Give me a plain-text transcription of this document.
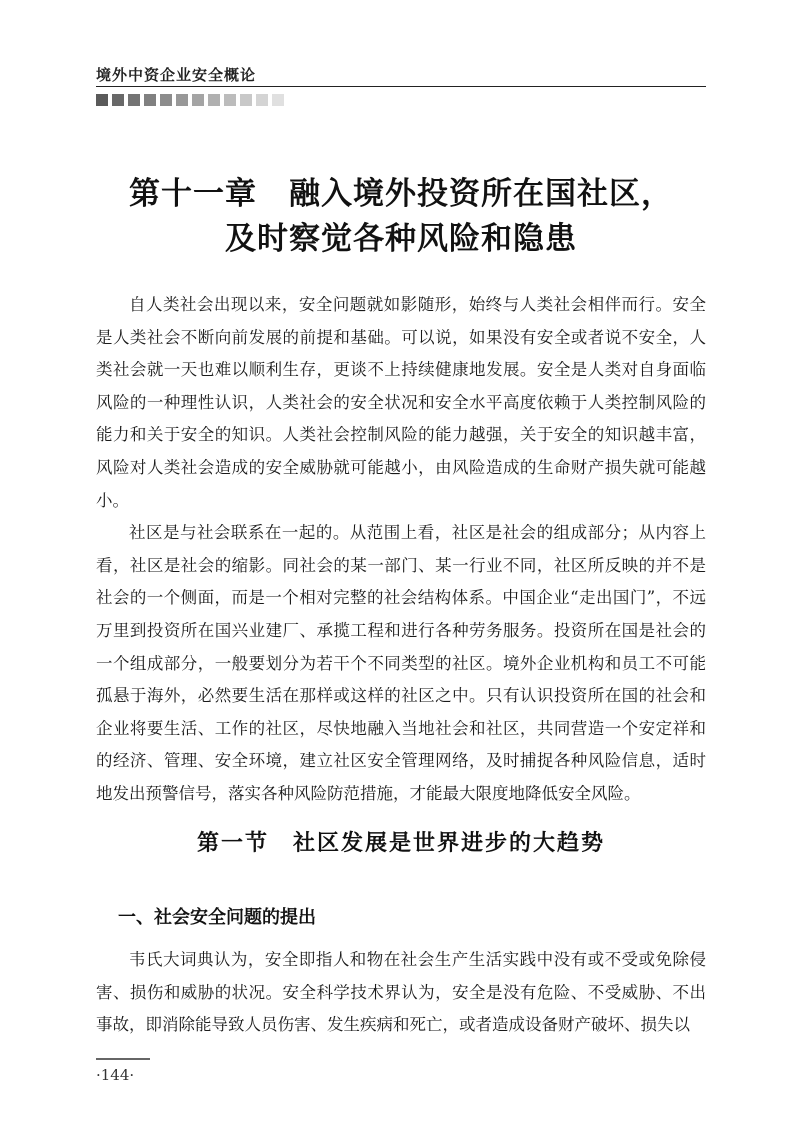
境外中资企业安全概论
第十一章　融入境外投资所在国社区，
及时察觉各种风险和隐患

自人类社会出现以来，安全问题就如影随形，始终与人类社会相伴而行。安全是人类社会不断向前发展的前提和基础。可以说，如果没有安全或者说不安全，人类社会就一天也难以顺利生存，更谈不上持续健康地发展。安全是人类对自身面临风险的一种理性认识，人类社会的安全状况和安全水平高度依赖于人类控制风险的能力和关于安全的知识。人类社会控制风险的能力越强，关于安全的知识越丰富，风险对人类社会造成的安全威胁就可能越小，由风险造成的生命财产损失就可能越小。

社区是与社会联系在一起的。从范围上看，社区是社会的组成部分；从内容上看，社区是社会的缩影。同社会的某一部门、某一行业不同，社区所反映的并不是社会的一个侧面，而是一个相对完整的社会结构体系。中国企业“走出国门”，不远万里到投资所在国兴业建厂、承揽工程和进行各种劳务服务。投资所在国是社会的一个组成部分，一般要划分为若干个不同类型的社区。境外企业机构和员工不可能孤悬于海外，必然要生活在那样或这样的社区之中。只有认识投资所在国的社会和企业将要生活、工作的社区，尽快地融入当地社会和社区，共同营造一个安定祥和的经济、管理、安全环境，建立社区安全管理网络，及时捕捉各种风险信息，适时地发出预警信号，落实各种风险防范措施，才能最大限度地降低安全风险。

第一节　社区发展是世界进步的大趋势
一、社会安全问题的提出

韦氏大词典认为，安全即指人和物在社会生产生活实践中没有或不受或免除侵害、损伤和威胁的状况。安全科学技术界认为，安全是没有危险、不受威胁、不出事故，即消除能导致人员伤害、发生疾病和死亡，或者造成设备财产破坏、损失以

·144·
